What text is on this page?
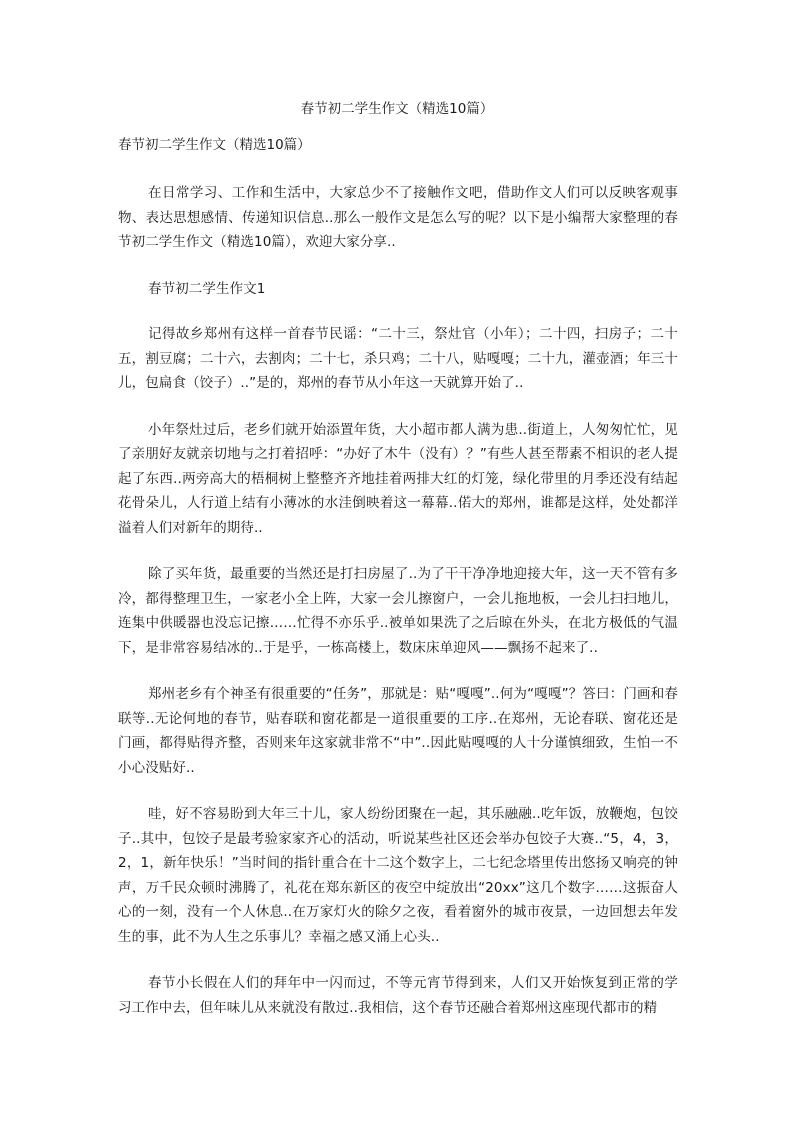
春节初二学生作文（精选10篇）
春节初二学生作文（精选10篇）

在日常学习、工作和生活中，大家总少不了接触作文吧，借助作文人们可以反映客观事物、表达思想感情、传递知识信息..那么一般作文是怎么写的呢？以下是小编帮大家整理的春节初二学生作文（精选10篇），欢迎大家分享..

春节初二学生作文1

记得故乡郑州有这样一首春节民谣：“二十三，祭灶官（小年）；二十四，扫房子；二十五，割豆腐；二十六，去割肉；二十七，杀只鸡；二十八，贴嘎嘎；二十九，灌壶酒；年三十儿，包扁食（饺子）..”是的，郑州的春节从小年这一天就算开始了..

小年祭灶过后，老乡们就开始添置年货，大小超市都人满为患..街道上，人匆匆忙忙，见了亲朋好友就亲切地与之打着招呼：“办好了木牛（没有）？”有些人甚至帮素不相识的老人提起了东西..两旁高大的梧桐树上整整齐齐地挂着两排大红的灯笼，绿化带里的月季还没有结起花骨朵儿，人行道上结有小薄冰的水洼倒映着这一幕幕..偌大的郑州，谁都是这样，处处都洋溢着人们对新年的期待..

除了买年货，最重要的当然还是打扫房屋了..为了干干净净地迎接大年，这一天不管有多冷，都得整理卫生，一家老小全上阵，大家一会儿擦窗户，一会儿拖地板，一会儿扫扫地儿，连集中供暖器也没忘记擦……忙得不亦乐乎..被单如果洗了之后晾在外头，在北方极低的气温下，是非常容易结冰的..于是乎，一栋高楼上，数床床单迎风——飘扬不起来了..

郑州老乡有个神圣有很重要的“任务”，那就是：贴“嘎嘎”..何为“嘎嘎”？答曰：门画和春联等..无论何地的春节，贴春联和窗花都是一道很重要的工序..在郑州，无论春联、窗花还是门画，都得贴得齐整，否则来年这家就非常不“中”..因此贴嘎嘎的人十分谨慎细致，生怕一不小心没贴好..

哇，好不容易盼到大年三十儿，家人纷纷团聚在一起，其乐融融..吃年饭，放鞭炮，包饺子..其中，包饺子是最考验家家齐心的活动，听说某些社区还会举办包饺子大赛..“5，4，3，2，1，新年快乐！”当时间的指针重合在十二这个数字上，二七纪念塔里传出悠扬又响亮的钟声，万千民众顿时沸腾了，礼花在郑东新区的夜空中绽放出“20xx”这几个数字……这振奋人心的一刻，没有一个人休息..在万家灯火的除夕之夜，看着窗外的城市夜景，一边回想去年发生的事，此不为人生之乐事儿？幸福之感又涌上心头..

春节小长假在人们的拜年中一闪而过，不等元宵节得到来，人们又开始恢复到正常的学习工作中去，但年味儿从来就没有散过..我相信，这个春节还融合着郑州这座现代都市的精
